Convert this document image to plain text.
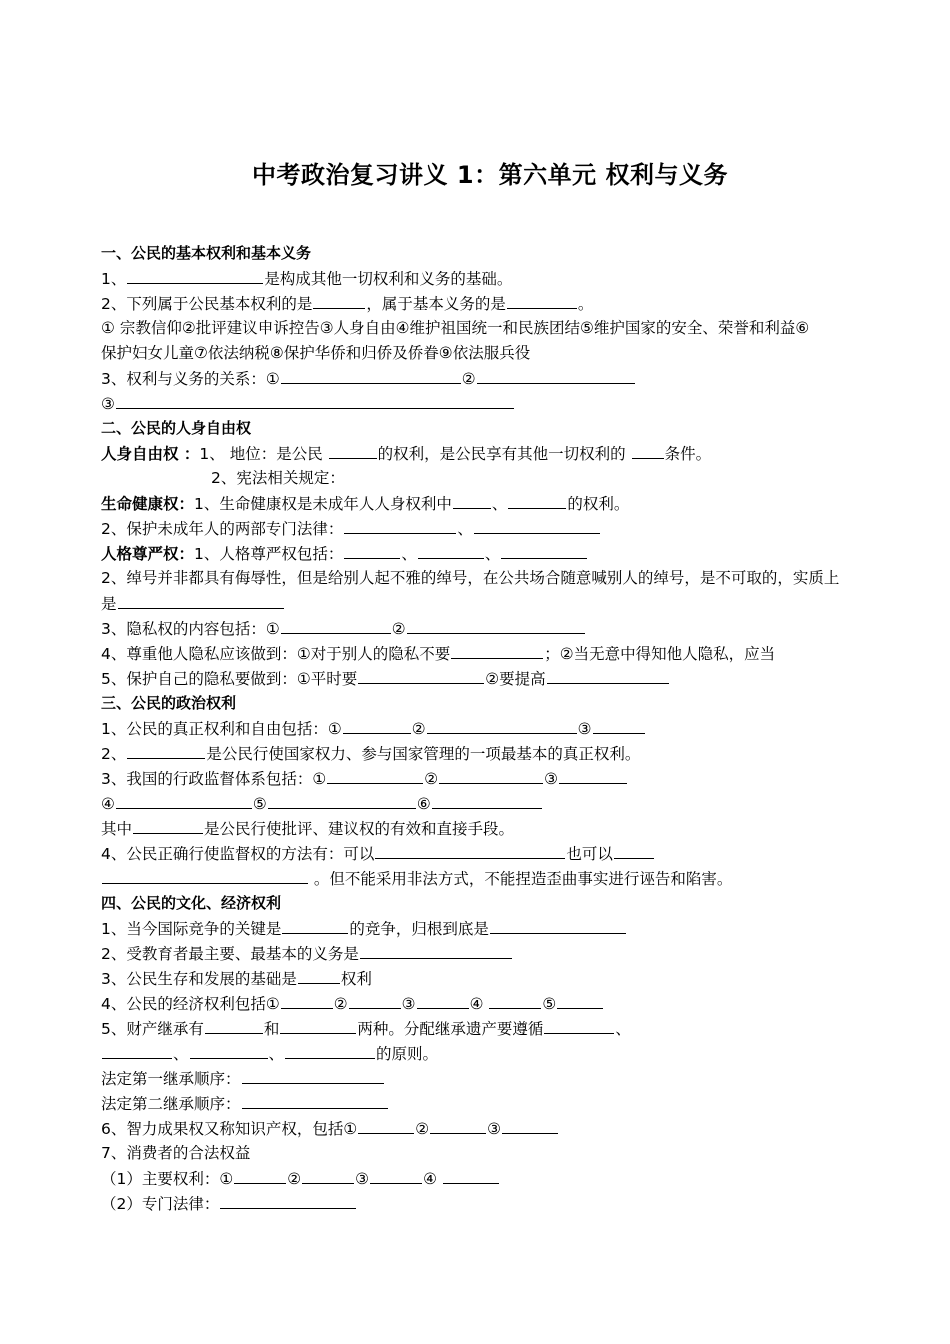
中考政治复习讲义 1：第六单元 权利与义务
一、公民的基本权利和基本义务
1、	是构成其他一切权利和义务的基础。
2、下列属于公民基本权利的是	，属于基本义务的是	。
① 宗教信仰②批评建议申诉控告③人身自由④维护祖国统一和民族团结⑤维护国家的安全、荣誉和利益⑥
保护妇女儿童⑦依法纳税⑧保护华侨和归侨及侨眷⑨依法服兵役
3、权利与义务的关系：①	②
③
二、公民的人身自由权
人身自由权 ：1、 地位：是公民	的权利，是公民享有其他一切权利的 条件。
2、宪法相关规定：
生命健康权：1、生命健康权是未成年人人身权利中	、	的权利。
2、保护未成年人的两部专门法律：	、
人格尊严权：1、人格尊严权包括：	、	、
2、绰号并非都具有侮辱性，但是给别人起不雅的绰号，在公共场合随意喊别人的绰号，是不可取的，实质上
是
3、隐私权的内容包括：①	②
4、尊重他人隐私应该做到：①对于别人的隐私不要	；②当无意中得知他人隐私，应当
5、保护自己的隐私要做到：①平时要	②要提高
三、公民的政治权利
1、公民的真正权利和自由包括：①	②	③
2、	是公民行使国家权力、参与国家管理的一项最基本的真正权利。
3、我国的行政监督体系包括：①	②	③
④	⑤	⑥
其中	是公民行使批评、建议权的有效和直接手段。
4、公民正确行使监督权的方法有：可以	也可以
。但不能采用非法方式，不能捏造歪曲事实进行诬告和陷害。
四、公民的文化、经济权利
1、当今国际竞争的关键是	的竞争，归根到底是
2、受教育者最主要、最基本的义务是
3、公民生存和发展的基础是	权利
4、公民的经济权利包括①	②	③	④	⑤
5、财产继承有	和	两种。分配继承遗产要遵循	、
、	、	的原则。
法定第一继承顺序：
法定第二继承顺序：
6、智力成果权又称知识产权，包括①	②	③
7、消费者的合法权益
（1）主要权利：①	②	③	④
（2）专门法律：
